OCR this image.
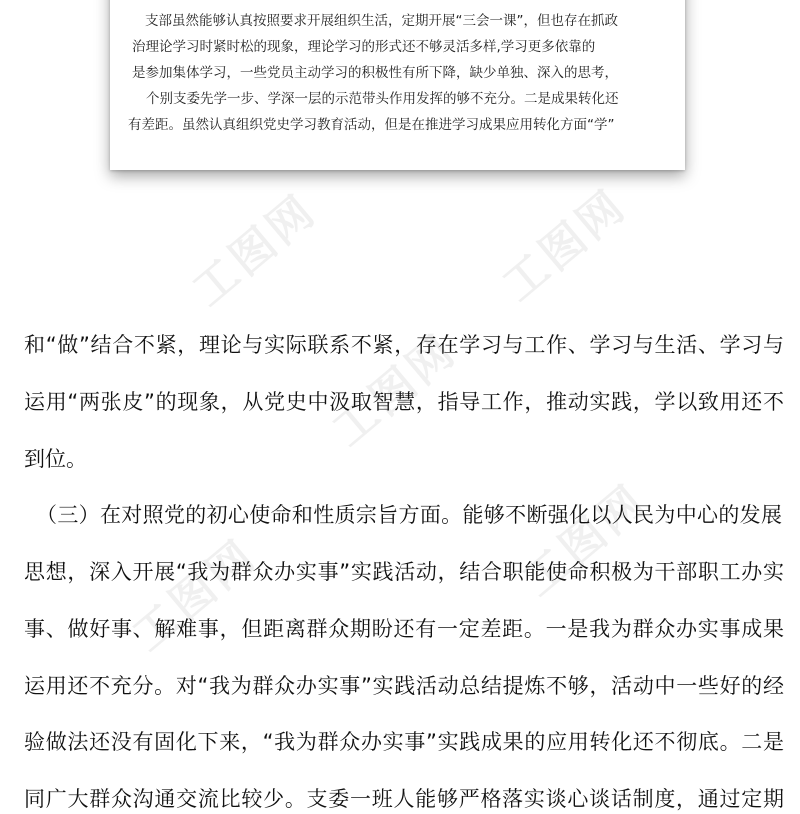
支部虽然能够认真按照要求开展组织生活，定期开展“三会一课”，但也存在抓政
治理论学习时紧时松的现象，理论学习的形式还不够灵活多样,学习更多依靠的
是参加集体学习，一些党员主动学习的积极性有所下降，缺少单独、深入的思考，
个别支委先学一步、学深一层的示范带头作用发挥的够不充分。二是成果转化还
有差距。虽然认真组织党史学习教育活动，但是在推进学习成果应用转化方面“学”
工图网	工图网
工图网
工图网
工图网
和“做”结合不紧，理论与实际联系不紧，存在学习与工作、学习与生活、学习与
运用“两张皮”的现象，从党史中汲取智慧，指导工作，推动实践，学以致用还不
到位。
（三）在对照党的初心使命和性质宗旨方面。能够不断强化以人民为中心的发展
思想，深入开展“我为群众办实事”实践活动，结合职能使命积极为干部职工办实
事、做好事、解难事，但距离群众期盼还有一定差距。一是我为群众办实事成果
运用还不充分。对“我为群众办实事”实践活动总结提炼不够，活动中一些好的经
验做法还没有固化下来，“我为群众办实事”实践成果的应用转化还不彻底。二是
同广大群众沟通交流比较少。支委一班人能够严格落实谈心谈话制度，通过定期
